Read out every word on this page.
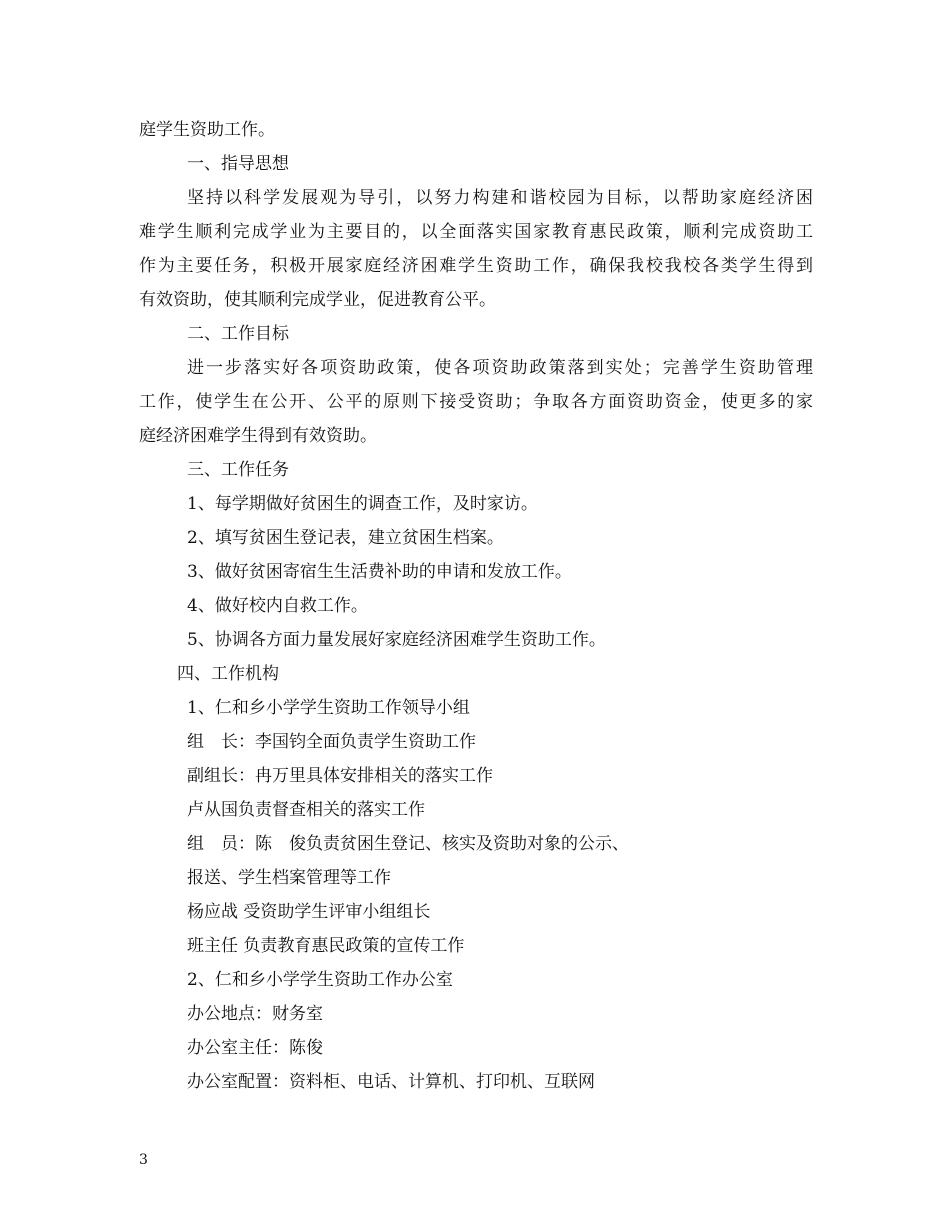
庭学生资助工作。
一、指导思想
坚持以科学发展观为导引，以努力构建和谐校园为目标，以帮助家庭经济困
难学生顺利完成学业为主要目的，以全面落实国家教育惠民政策，顺利完成资助工
作为主要任务，积极开展家庭经济困难学生资助工作，确保我校我校各类学生得到
有效资助，使其顺利完成学业，促进教育公平。
二、工作目标
进一步落实好各项资助政策，使各项资助政策落到实处；完善学生资助管理
工作，使学生在公开、公平的原则下接受资助；争取各方面资助资金，使更多的家
庭经济困难学生得到有效资助。
三、工作任务
1、每学期做好贫困生的调查工作，及时家访。
2、填写贫困生登记表，建立贫困生档案。
3、做好贫困寄宿生生活费补助的申请和发放工作。
4、做好校内自救工作。
5、协调各方面力量发展好家庭经济困难学生资助工作。
四、工作机构
1、仁和乡小学学生资助工作领导小组
组　长：李国钧全面负责学生资助工作
副组长：冉万里具体安排相关的落实工作
卢从国负责督查相关的落实工作
组　员：陈　俊负责贫困生登记、核实及资助对象的公示、
报送、学生档案管理等工作
杨应战 受资助学生评审小组组长
班主任 负责教育惠民政策的宣传工作
2、仁和乡小学学生资助工作办公室
办公地点：财务室
办公室主任：陈俊
办公室配置：资料柜、电话、计算机、打印机、互联网
3
